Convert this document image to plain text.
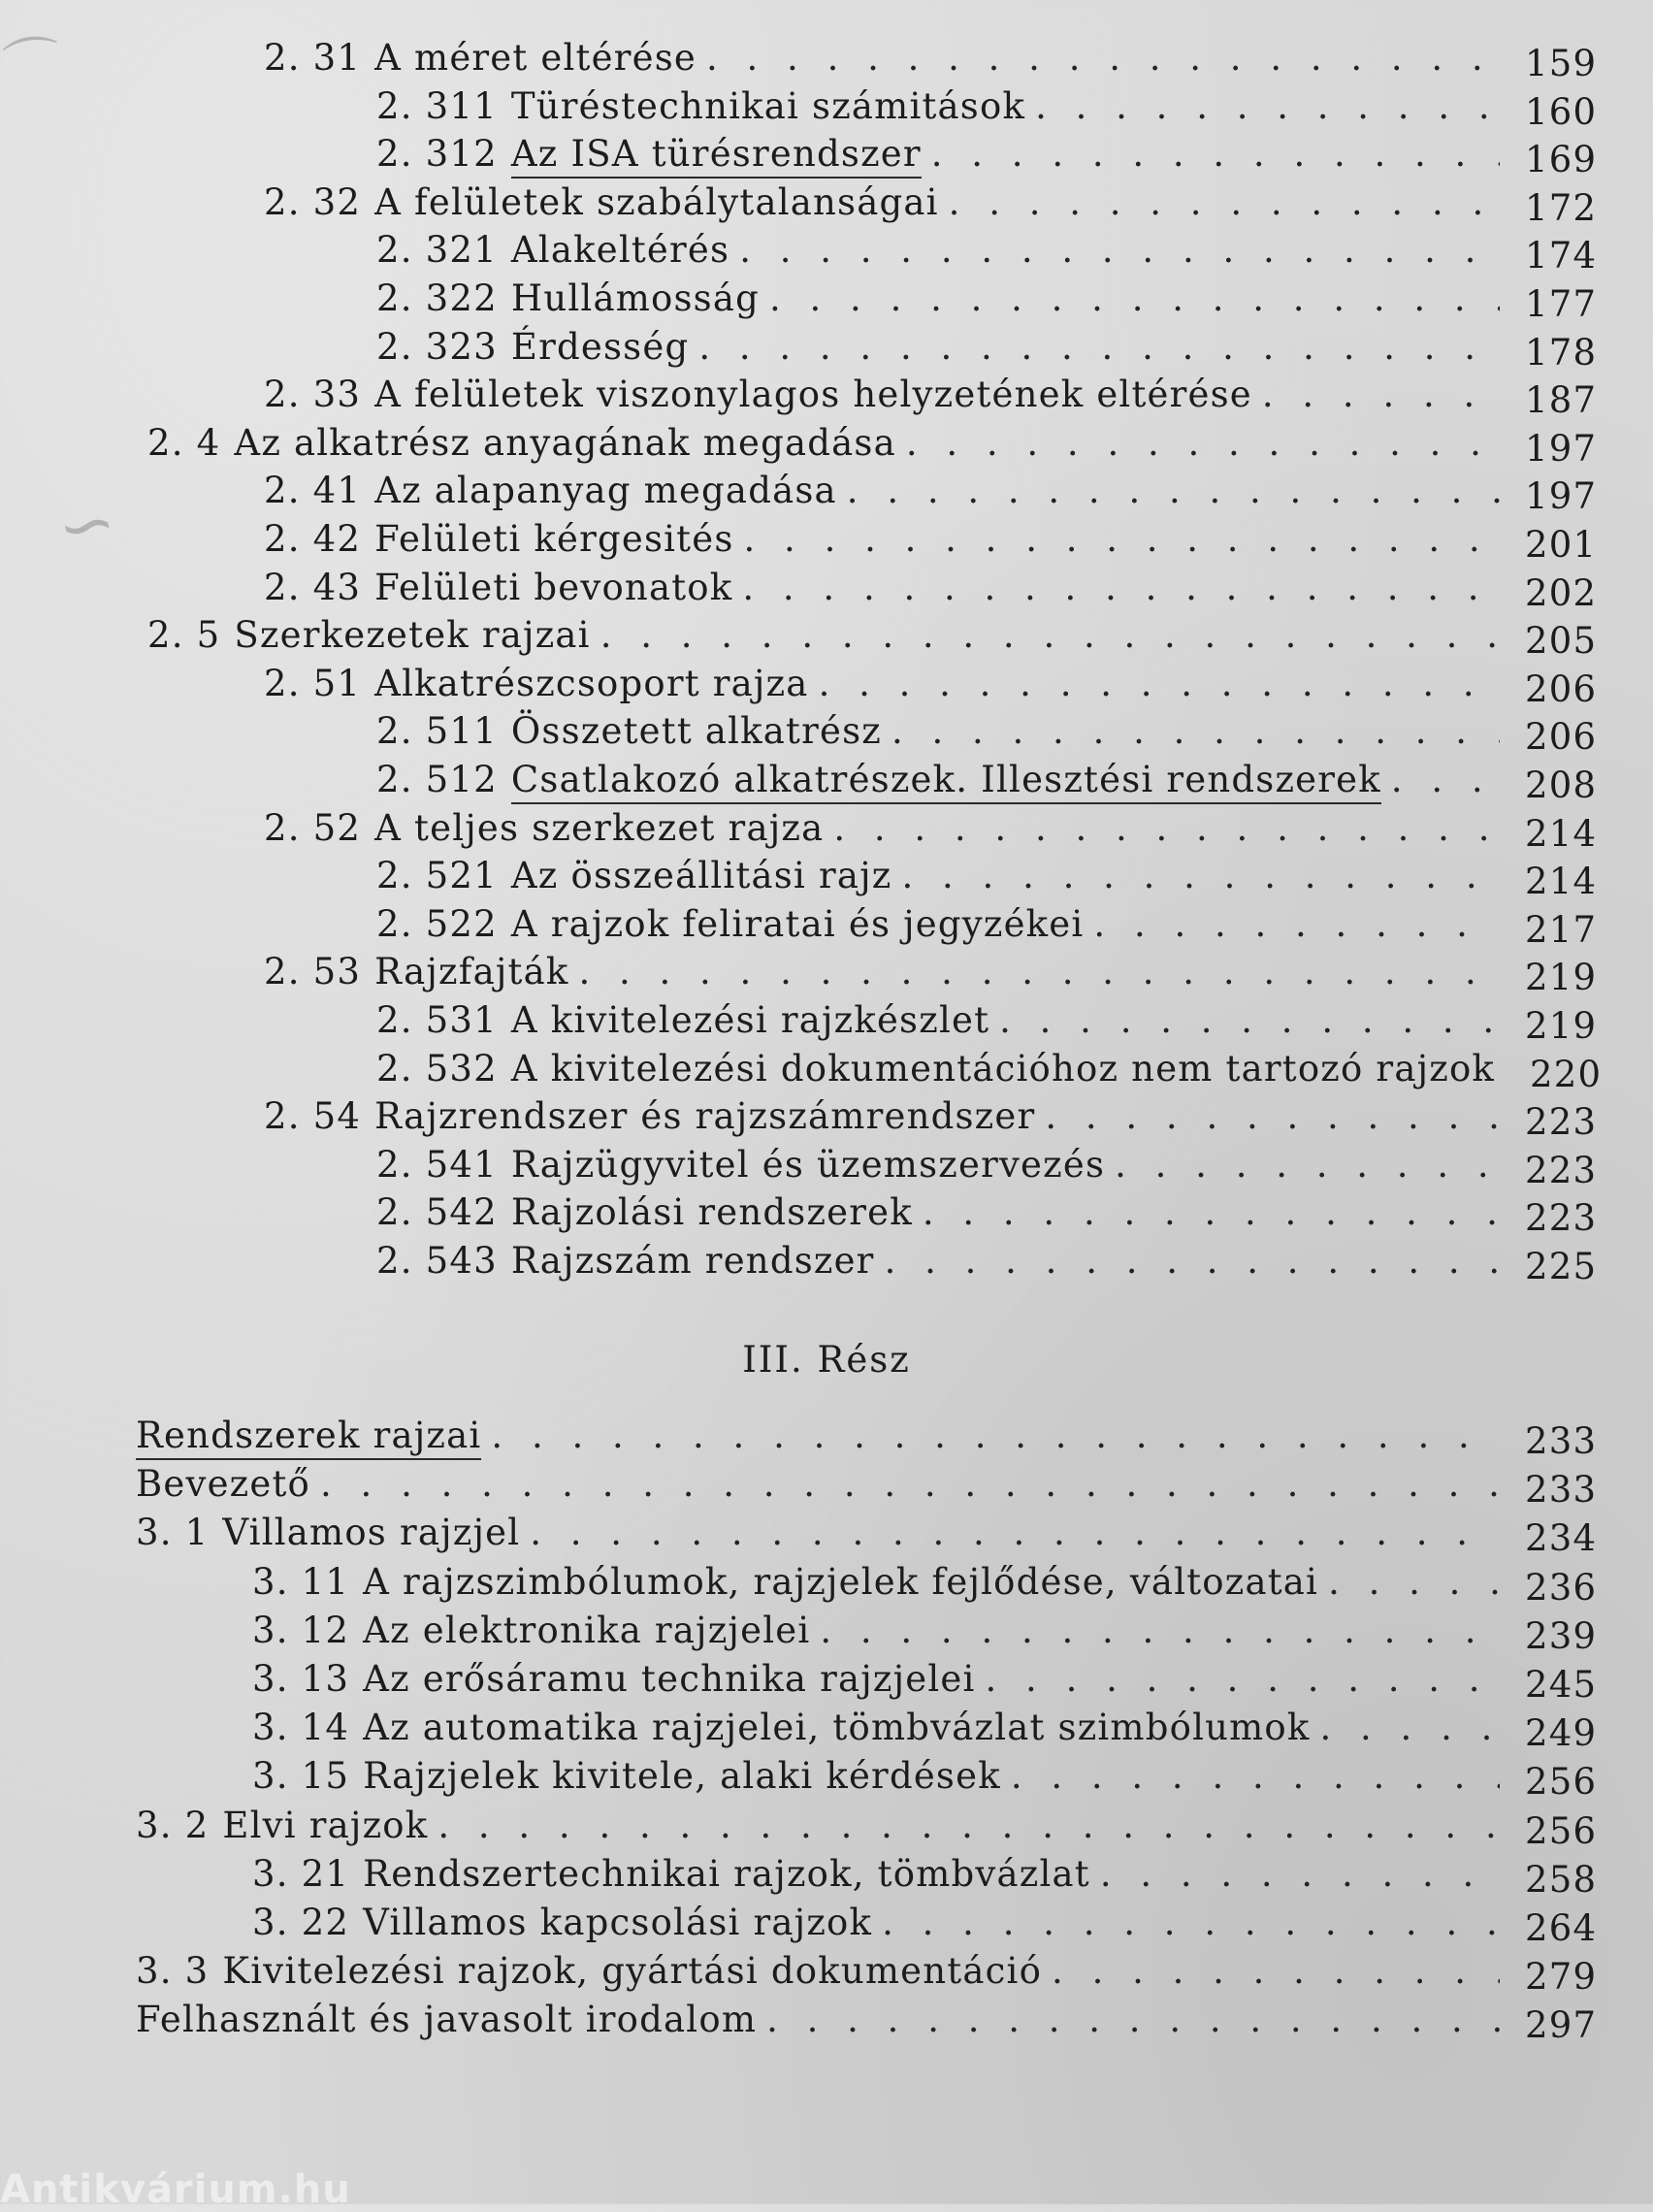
2. 31 A méret eltérése . . .	159
2. 311 Türéstechnikai számitások . . .	160
2. 312 Az ISA türésrendszer . . .	169
2. 32 A felületek szabálytalanságai . . .	172
2. 321 Alakeltérés . . .	174
2. 322 Hullámosság . . .	177
2. 323 Érdesség . . .	178
2. 33 A felületek viszonylagos helyzetének eltérése . . .	187
2. 4 Az alkatrész anyagának megadása . . .	197
2. 41 Az alapanyag megadása . . .	197
2. 42 Felületi kérgesités . . .	201
2. 43 Felületi bevonatok . . .	202
2. 5 Szerkezetek rajzai . . .	205
2. 51 Alkatrészcsoport rajza . . .	206
2. 511 Összetett alkatrész . . .	206
2. 512 Csatlakozó alkatrészek. Illesztési rendszerek . . .	208
2. 52 A teljes szerkezet rajza . . .	214
2. 521 Az összeállitási rajz . . .	214
2. 522 A rajzok feliratai és jegyzékei . . .	217
2. 53 Rajzfajták . . .	219
2. 531 A kivitelezési rajzkészlet . . .	219
2. 532 A kivitelezési dokumentációhoz nem tartozó rajzok 220
2. 54 Rajzrendszer és rajzszámrendszer . . .	223
2. 541 Rajzügyvitel és üzemszervezés . . .	223
2. 542 Rajzolási rendszerek . . .	223
2. 543 Rajzszám rendszer . . .	225
Rendszerek rajzai . . .	233
Bevezető . . .	233
3. 1 Villamos rajzjel . . .	234
3. 11 A rajzszimbólumok, rajzjelek fejlődése, változatai . . .	236
3. 12 Az elektronika rajzjelei . . .	239
3. 13 Az erősáramu technika rajzjelei . . .	245
3. 14 Az automatika rajzjelei, tömbvázlat szimbólumok . . .	249
3. 15 Rajzjelek kivitele, alaki kérdések . . .	256
3. 2 Elvi rajzok . . .	256
3. 21 Rendszertechnikai rajzok, tömbvázlat . . .	258
3. 22 Villamos kapcsolási rajzok . . .	264
3. 3 Kivitelezési rajzok, gyártási dokumentáció . . .	279
Felhasznált és javasolt irodalom . . .	297
III. Rész
⌒
∽
Antikvárium.hu
